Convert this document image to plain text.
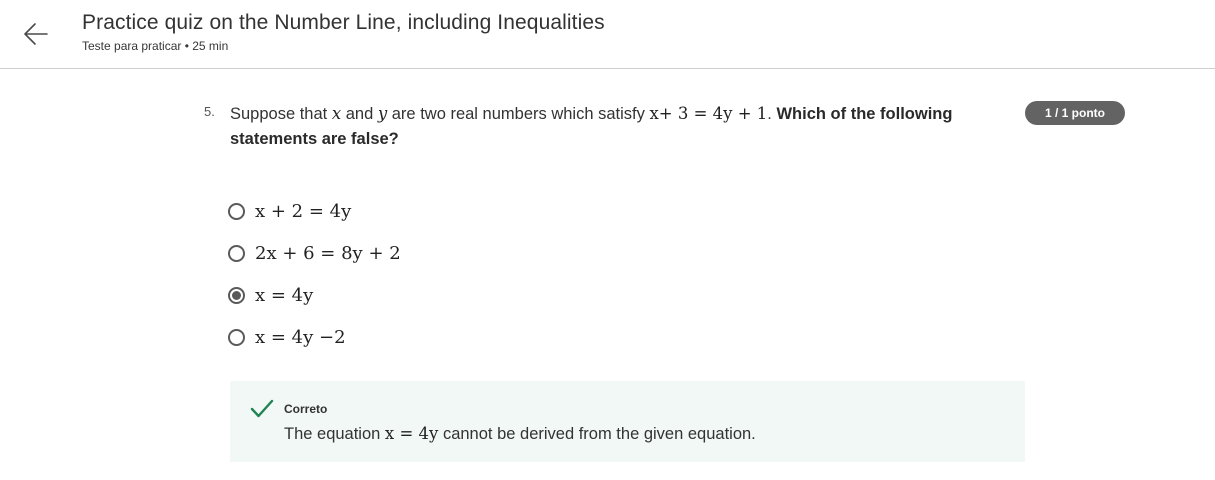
Practice quiz on the Number Line, including Inequalities
Teste para praticar • 25 min
5. Suppose that x and y are two real numbers which satisfy x+ 3 = 4y + 1. Which of the following statements are false?
1 / 1 ponto
x + 2 = 4y
2x + 6 = 8y + 2
x = 4y
x = 4y −2
Correto
The equation x = 4y cannot be derived from the given equation.
